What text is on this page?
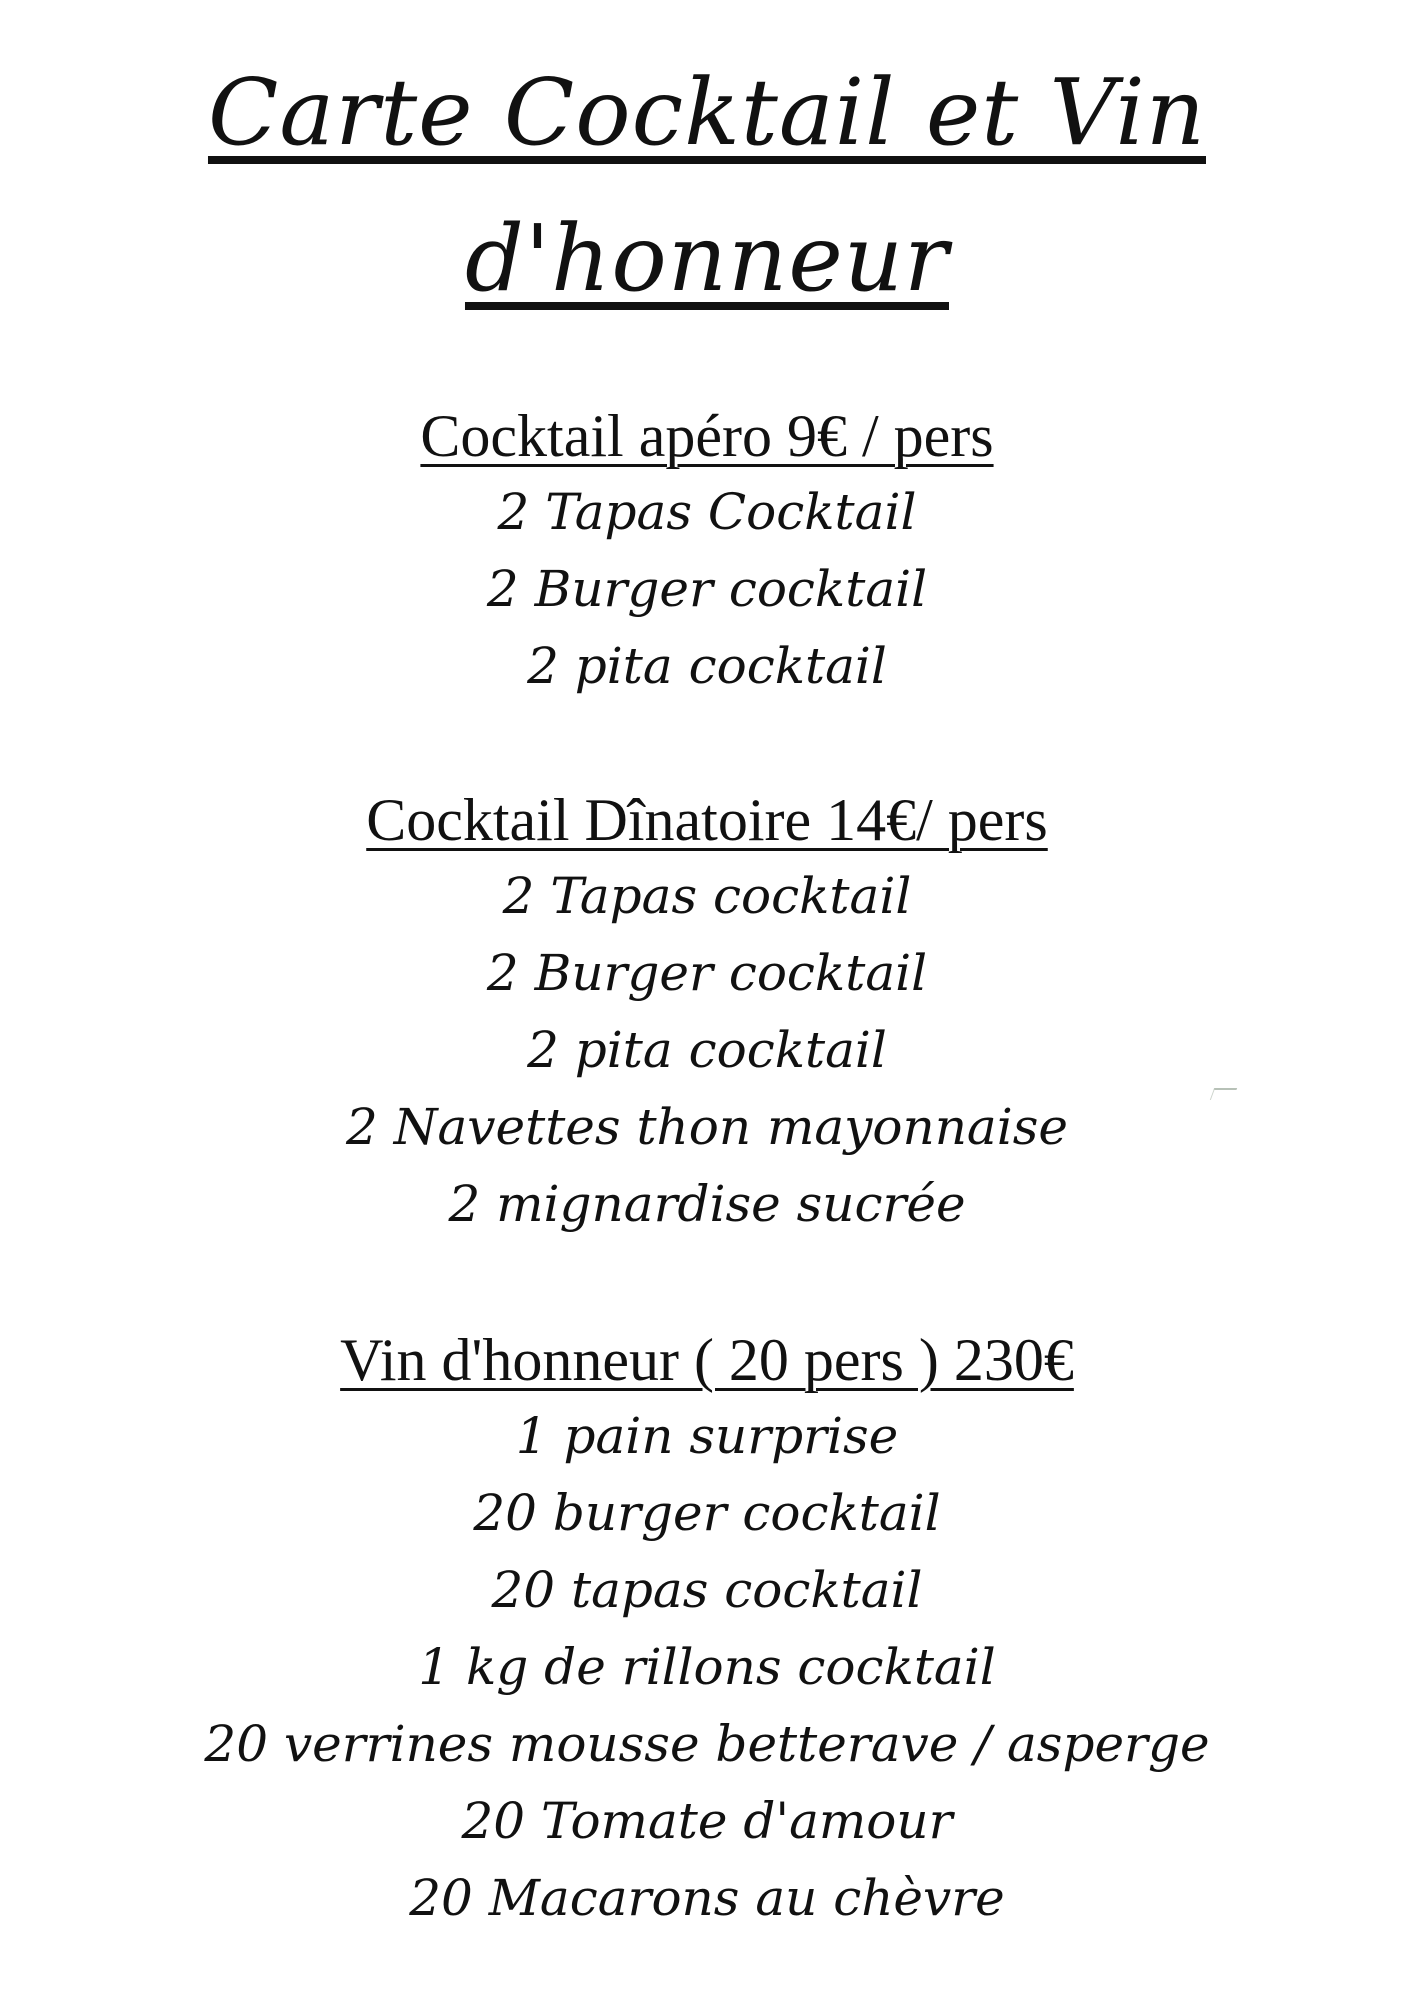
Carte Cocktail et Vin
d'honneur
Cocktail apéro 9€ / pers
2 Tapas Cocktail
2 Burger cocktail
2 pita cocktail
Cocktail Dînatoire 14€/ pers
2 Tapas cocktail
2 Burger cocktail
2 pita cocktail
2 Navettes thon mayonnaise
2 mignardise sucrée
Vin d'honneur ( 20 pers ) 230€
1 pain surprise
20 burger cocktail
20 tapas cocktail
1 kg de rillons cocktail
20 verrines mousse betterave / asperge
20 Tomate d'amour
20 Macarons au chèvre
